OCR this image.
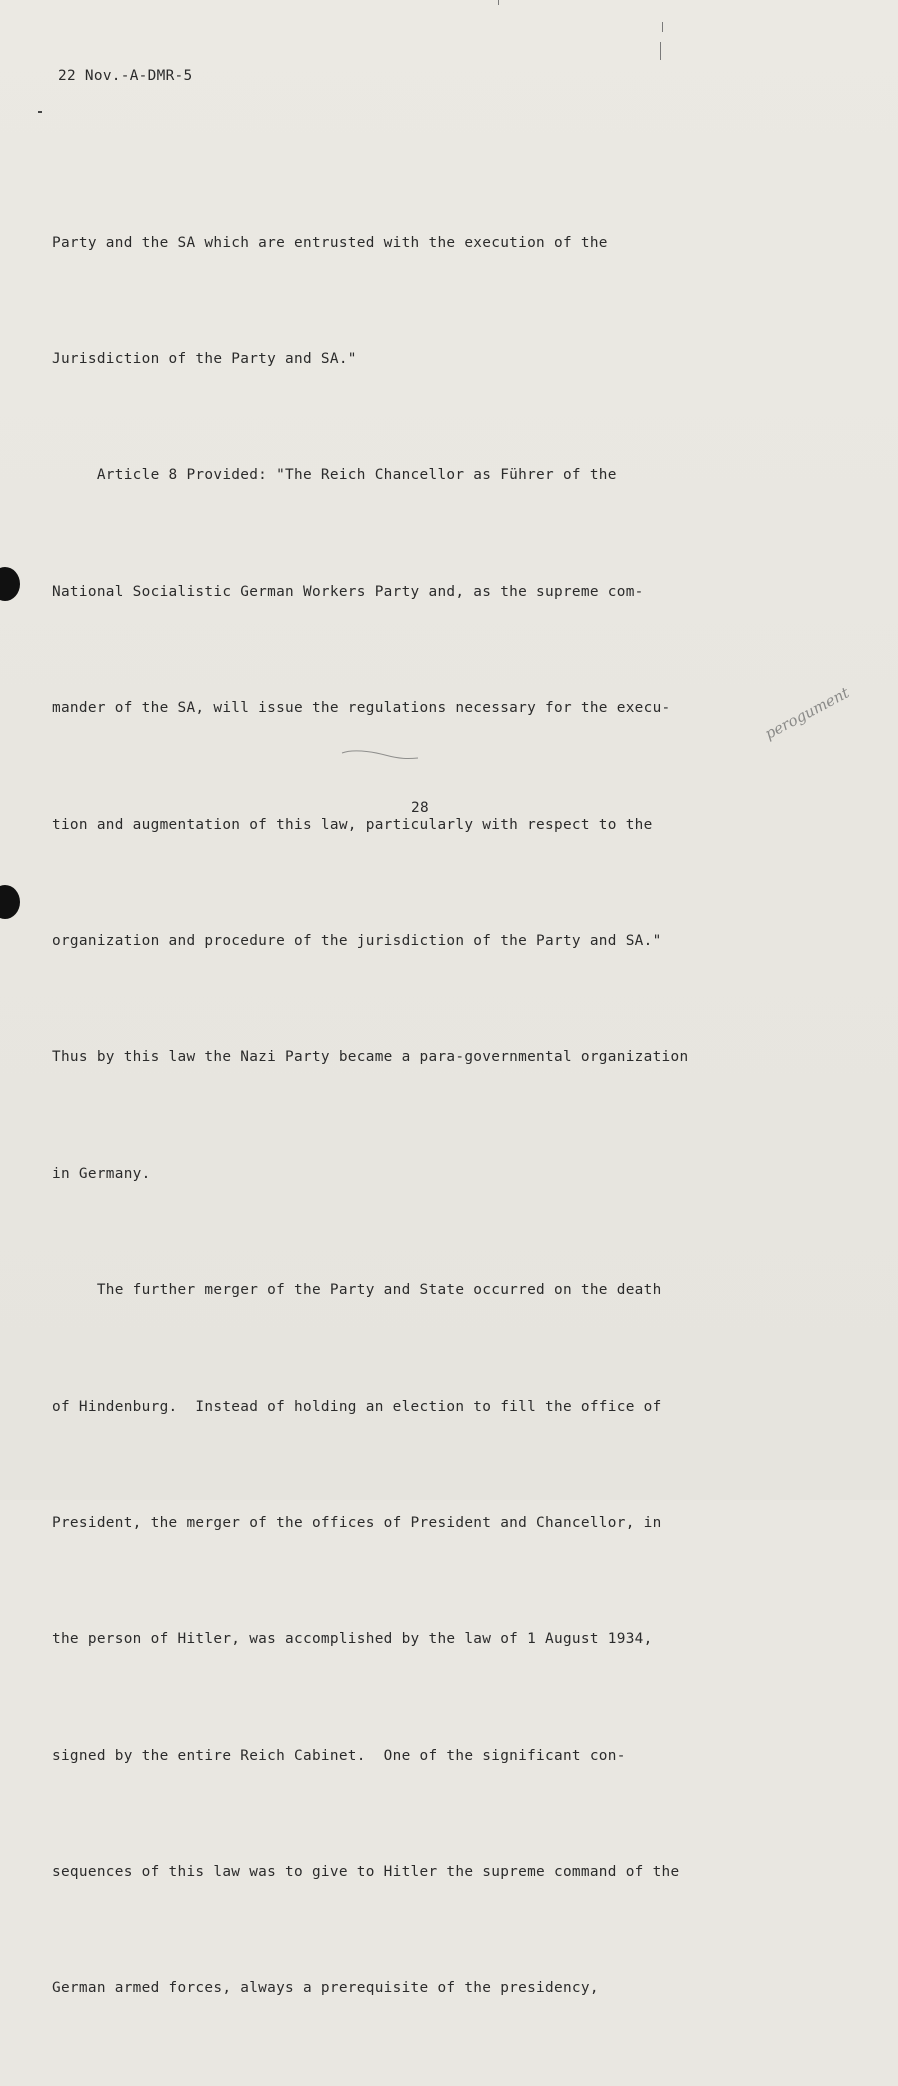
22 Nov.-A-DMR-5

Party and the SA which are entrusted with the execution of the

Jurisdiction of the Party and SA."

Article 8 Provided: "The Reich Chancellor as Führer of the

National Socialistic German Workers Party and, as the supreme com-

mander of the SA, will issue the regulations necessary for the execu-

tion and augmentation of this law, particularly with respect to the

organization and procedure of the jurisdiction of the Party and SA."

Thus by this law the Nazi Party became a para-governmental organization

in Germany.

The further merger of the Party and State occurred on the death

of Hindenburg.  Instead of holding an election to fill the office of

President, the merger of the offices of President and Chancellor, in

the person of Hitler, was accomplished by the law of 1 August 1934,

signed by the entire Reich Cabinet.  One of the significant con-

sequences of this law was to give to Hitler the supreme command of the

German armed forces, always a prerequisite of the presidency,

perogument

28
